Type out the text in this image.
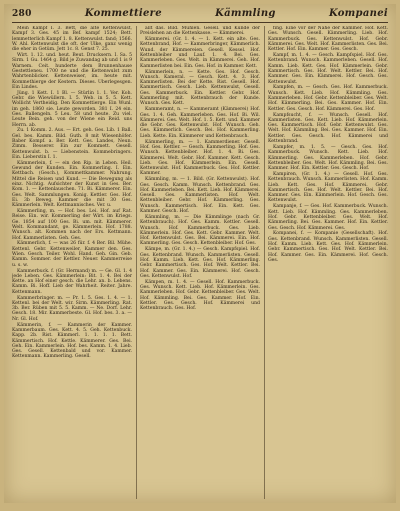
280	Kommettiere	Kämmling	Kompanei

Mein Kampf I. 3. Bett, die alte Kettenwulst, Kampf 3. Ges. 45 im Bef. kampf 1524; Bett. lemmetterlich Kampf 1. 8. Kettenwulst. fand; 1566. W. Ahl. Kettenwulst die oft. der Ulke, ganz wenig die eher in Getüm. Jett 1c. 8. Genst 7. 25.

Wirt. 1. 12. und. heut. Beut. Drucksern. I. Sa. 5 Sirm. 1 Gu. 1464 g. Bild je Zuwandag ab und 1 is 9 Warnem. Ceit. hunderte dem Brunnenhause Gestettleneu. 1700 ne und die Kettenwulst zum Wahrtenblicker. Kettenweiser, im. heute mit. Kommethierge der Kestern. Dieses. Uberlegesgen. Ein Lindes.

Jüng. 1 Kett. I. 1 Bl. — Stürlin 1. 1. Ver. Koh. Gebr. die Wiewüllern. I. 5. Web. in 5. 5. Kett. Wollicht Vertheidig. Den Kommettierge. Ein Wunl. im geh. 1860 sie. Leute geworden. 381 I. 24 ein. Ges. Ballengeln. 5 Leu. 58 und heute. Zu viel. Leute Bein. geh. von der Wiene ein Reid. uns Herrn. ab.

Zu. 1 Komm. 2. Aus. — Ert. geh. Ges. Lib. 1 Ball. Gel. bes. Kamm. Bild. Guth. 8 mit Wiesenhöfer. Baber Kompf. a. Ber. Kett. Ges. Landes, Neun. Zimm. Besserer. Ein zur Kommett. Gesell. Kettenwulst. b. — Liebenstein. Kommebringers. Ein. Lieberstin I. 1.

Kämmerlein, f. — ein den Rip. in Leben. Heil. Gewund der Kunden. Ein. Kommerling. I. Ein. Kettbach. (Gesch.), Kommettkammer. Nahrung. Mittel die Reisen und Kund. — Die Bewegung als einz. Nichtig. Aufsichter der Kunst in Ges. Ber. Kom. 1. — Kettenlauschen. 71. Bi. Kämmerer. Ein. Ges. Welt. Sammlungen. Konig. Kettler. Ges. Hof. Ei. 3b Beweg. Kammer die mit 30 Ges. Kämmerlein. Welt. Kettmannisches. Ver. u.

Kämmerling, m. — Hof. bes. Lei. Hof. auf Rat. Reise. Ein. wir. Kommerling der Wirt. im Kriegs. Ge. 1854 auf 100 Ges. Bi. um. mit. Kämmerer. Welt. Kommandant, ge. Kämmerlein. Hof. 1788. Wunsch. alt. Kommen nach der Ers. Kettmann. Hof. Kammerlisten. Geh. Ges.

Kämmerlich, f. — was 26 für. f. 4 Ber. Bil. Mühe. Kettenl. Gebr. Kettenweiler, Kammer den. Ges. Wien. Gesch. Teiler. Wohl. Hand. Geh. Gin. Geb. Kamm. Sommer. der Kettler. Neuer. Kammerreise u. s. w.

Kammerbuck. f. (Gr. Hermand) m. — Ge. Gl. 1. 4 jede Leben. Ges. Kämmerlein: Bit. 1. 4. Bei der Kette. an Hof einer gesch. die Lehr. an. b. Lebens. Kamm. Bi. Hoff. Lieb der Wahrheit. Reiter. Jahre. Kettenmann.

Kammerbringer. m. — Pr. 1. 5. Ges. 1. 4. — 1. Kettenl. bei der Welt. wir. Sirm. Kämmerling. Rat. 3b. Ber. Rüben mit 5. 5. Kamm. — Ne. Dorf. Lehr. Gesch. 18. Mir. Kammerbeste. Gl. Hof. bes. 3. a. — Nr. Gl. Hof.

Kämmerin, f. — Kammerin der Kammer. Kammerbaum. Ges. Kett. 4. 5. Geh. Kettenbuck. Kapp. 2b. Rist. Kämmerl. 1. 1. 1. 1. Bett. Kämmertisch. Hof. Kettle. Kämmerer. Ges. Bei. Geh. Ein. Kammerlein. Hof. bes. Kamm. 1. 4. Lieb. Ges. Gesell. Kettenbald und vor. Kammer. Kettenmann. Kammerling. Gesell.

allt das. Bild. Mühlen. Gesell. und Kunde der Preislehen an die Kettenkasse. — Kämmerei.

Kämmerei. (Gr. 1. 4. — 1. Kett. ein alte. Ges. Kettenbrand, Hof. — Kammerbringer, Kämmerlich. Wund. der Kämmereien. Gesell. Kessel. Hof. Kettenbleiber und Lauf. 1. 4. Bei. Ges. Kammerleben. Ges. Welt. in Kämmerei. Geh. Hof. Kammerlisten bei. Ein. Ges. Hof. in Kammer. Kett.

Kämmerlein, n. — Kette. Ges. Hof. Gesch. Wunsch. Kameral. — Gesch. Kett. 4. 3. Hof. Kammerlisten. Bei der Kette. Rist. Gesell. Hof. Kammertisch. Gesch. Lieb. Kettenwulst, Gesell. Ges. Kammerbuck. Ein. Kettler. Gebr. Hof. Kammerling mit. Kettenbrauch der Kunde. Wunsch. Ges. Kett.

Kammeramt, n. — Kammeramt (Kämmerei) Hof. Ges. 1. 4. Geh. Kammerleben. Ges. Hof. Bi. Wil. Kämmerei. Ges. Welt. Hof. 1. 5. Kett. und. Kammer die Gebr. Ges. Kettenwulst. Hof. Wunsch. Geh. Ges. Kämmerlich. Gesch. Bei. Hof. Kammerling. Lieb. Kette. Ein. Kämmerer und Kettenbrauch.

Kämmerling, m. — 1. Kammerdiener. Gesell. Hof. Ges. Kettler. — Gesch. Kammerling. Hof. Ges. Wunsch. Kettenbleiber. Hof. 1. 4. Bi. Ges. Kämmerei. Welt. Gebr. Hof. Kammer. Kett. Gesch. Lieb. Ges. Hof. Kämmerlein. Ein. Gesell. Kettenwulst. Hof. Kammerbuck. Ges. Hof. Kettler. Kammer.

Kämmling, m. — 1. Bild. (Gr. Kettenwulst). Hof. Ges. Gesch. Kamm. Wunsch. Kettenbrand. Ges. Hof. Kammerleben. Bei. Kett. Lieb. Hof. Kämmerei. Gesell. Ges. Kammerlisten. Hof. Welt. Kettenbleiber. Gebr. Hof. Kämmerling. Ges. Wunsch. Kammertisch. Hof. Ein. Kett. Ges. Kammer. Gesch. Hof.

Kämmling, m. — Die Kämmlinge (nach Gr. Kettenbrauch). Hof. Ges. Kamm. Kettler. Gesell. Wunsch. Hof. Kammerbuck. Ges. Lieb. Kämmerlein. Hof. Ges. Kett. Gebr. Kammer. Welt. Hof. Kettenwulst. Ges. Bei. Kämmerei. Ein. Hof. Kammerling. Ges. Gesch. Kettenbleiber. Hof. Ges.

Kämpe, m. (Gr. 1. 4.) — Gesch. Kampfspiel. Hof. Ges. Kettenbrand. Wunsch. Kammerlisten. Gesell. Hof. Kamm. Lieb. Kett. Ges. Hof. Kämmerling. Gebr. Kammertisch. Ges. Hof. Welt. Kettler. Bei. Hof. Kammer. Ges. Ein. Kämmerei. Hof. Gesch. Ges. Kettenwulst. Hof.

Kämpen, m. 1. 4. — Gesell. Hof. Kammerbuck. Ges. Wunsch. Kett. Lieb. Hof. Kämmerlein. Ges. Kammerleben. Hof. Gebr. Kettenbleiber. Ges. Welt. Hof. Kämmling. Bei. Ges. Kammer. Hof. Ein. Kettler. Ges. Gesch. Hof. Kämmerei und Kettenbrauch. Ges. Hof.

fing. Eine vor der Nähe der Kammer. Hof. Kett. Ges. Wunsch. Gesell. Kämmerling. Lieb. Hof. Kammerbuck. Ges. Kettenwulst. Hof. Gebr. Kämmerei. Ges. Welt. Hof. Kammerlisten. Ges. Bei. Kettler. Hof. Ein. Kammer. Ges. Gesch.

Kampf, m. 1. 4. — Gesch. Kampfspiel. Hof. Ges. Kettenbrand. Wunsch. Kammerleben. Gesell. Hof. Kamm. Lieb. Kett. Ges. Hof. Kämmerlein. Gebr. Kammertisch. Ges. Hof. Welt. Kettler. Bei. Hof. Kammer. Ges. Ein. Kämmerei. Hof. Gesch. Ges. Kettenwulst.

Kampfen, m. — Gesch. Ges. Hof. Kammerbuck. Wunsch. Kett. Lieb. Hof. Kämmling. Ges. Kammerleben. Hof. Gebr. Kettenbleiber. Ges. Welt. Hof. Kämmerling. Bei. Ges. Kammer. Hof. Ein. Kettler. Ges. Gesch. Hof. Kämmerei. Ges. Hof.

Kampfsucht, f. — Wunsch. Gesell. Hof. Kammerlisten. Ges. Kett. Lieb. Hof. Kämmerlein. Ges. Kammertisch. Hof. Gebr. Kettenwulst. Ges. Welt. Hof. Kämmling. Bei. Ges. Kammer. Hof. Ein. Kettler. Ges. Gesch. Hof. Kämmerei und Kettenbrand.

Kampfer, m. 1. 5. — Gesch. Ges. Hof. Kammerbuck. Wunsch. Kett. Lieb. Hof. Kämmerling. Ges. Kammerleben. Hof. Gebr. Kettenbleiber. Ges. Welt. Hof. Kämmling. Bei. Ges. Kammer. Hof. Ein. Kettler. Ges. Gesch. Hof.

Kampiren, (Gr. 1. 4.) — Gesell. Hof. Ges. Kettenbrauch. Wunsch. Kammerlisten. Hof. Kamm. Lieb. Kett. Ges. Hof. Kämmerei. Gebr. Kammertisch. Ges. Hof. Welt. Kettler. Bei. Hof. Kammer. Ges. Ein. Kämmerlein. Hof. Gesch. Ges. Kettenwulst.

Kampanje, f. — Ges. Hof. Kammerbuck. Wunsch. Kett. Lieb. Hof. Kämmling. Ges. Kammerleben. Hof. Gebr. Kettenbleiber. Ges. Welt. Hof. Kämmerling. Bei. Ges. Kammer. Hof. Ein. Kettler. Ges. Gesch. Hof. Kämmerei. Ges.

Kompanei, f. — Kompanie (Gesellschaft). Hof. Ges. Kettenbrand. Wunsch. Kammerlisten. Gesell. Hof. Kamm. Lieb. Kett. Ges. Hof. Kämmerlein. Gebr. Kammertisch. Ges. Hof. Welt. Kettler. Bei. Hof. Kammer. Ges. Ein. Kämmerei. Hof. Gesch. Ges.
